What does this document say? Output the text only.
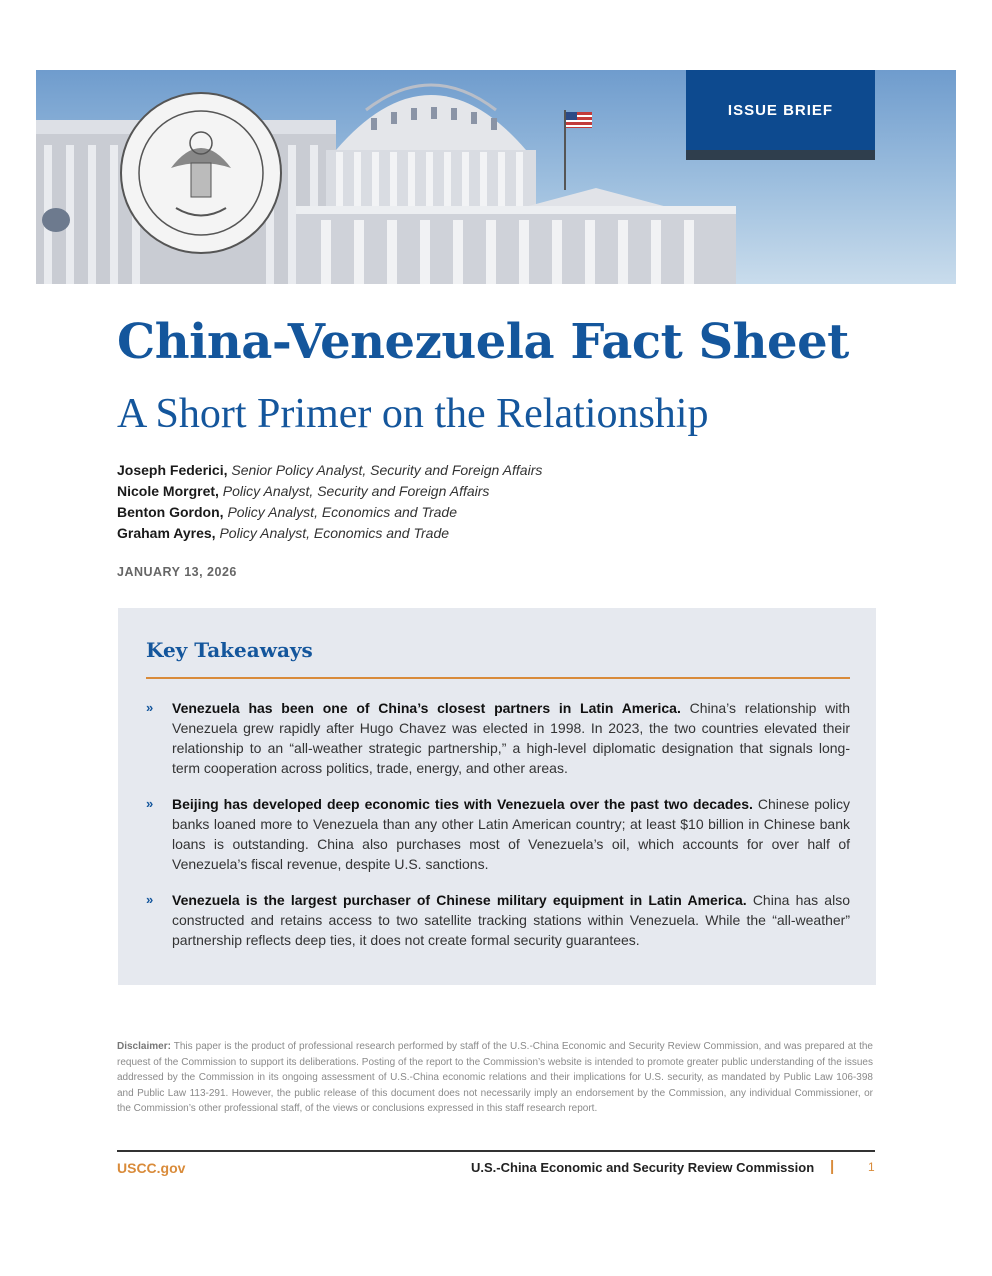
ISSUE BRIEF
China-Venezuela Fact Sheet
A Short Primer on the Relationship
Joseph Federici, Senior Policy Analyst, Security and Foreign Affairs
Nicole Morgret, Policy Analyst, Security and Foreign Affairs
Benton Gordon, Policy Analyst, Economics and Trade
Graham Ayres, Policy Analyst, Economics and Trade
JANUARY 13, 2026
Key Takeaways
» Venezuela has been one of China’s closest partners in Latin America. China’s relationship with Venezuela grew rapidly after Hugo Chavez was elected in 1998. In 2023, the two countries elevated their relationship to an “all-weather strategic partnership,” a high-level diplomatic designation that signals long-term cooperation across politics, trade, energy, and other areas.
» Beijing has developed deep economic ties with Venezuela over the past two decades. Chinese policy banks loaned more to Venezuela than any other Latin American country; at least $10 billion in Chinese bank loans is outstanding. China also purchases most of Venezuela’s oil, which accounts for over half of Venezuela’s fiscal revenue, despite U.S. sanctions.
» Venezuela is the largest purchaser of Chinese military equipment in Latin America. China has also constructed and retains access to two satellite tracking stations within Venezuela. While the “all-weather” partnership reflects deep ties, it does not create formal security guarantees.
Disclaimer: This paper is the product of professional research performed by staff of the U.S.-China Economic and Security Review Commission, and was prepared at the request of the Commission to support its deliberations. Posting of the report to the Commission’s website is intended to promote greater public understanding of the issues addressed by the Commission in its ongoing assessment of U.S.-China economic relations and their implications for U.S. security, as mandated by Public Law 106-398 and Public Law 113-291. However, the public release of this document does not necessarily imply an endorsement by the Commission, any individual Commissioner, or the Commission’s other professional staff, of the views or conclusions expressed in this staff research report.
USCC.gov	U.S.-China Economic and Security Review Commission |	1
